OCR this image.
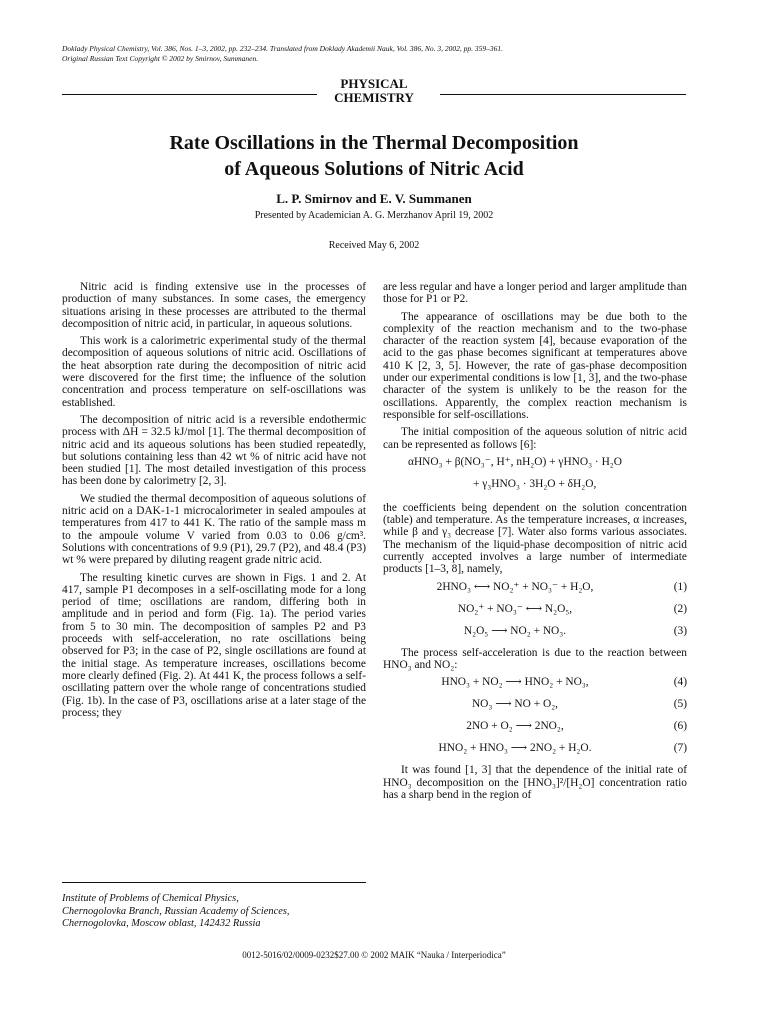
Doklady Physical Chemistry, Vol. 386, Nos. 1–3, 2002, pp. 232–234. Translated from Doklady Akademii Nauk, Vol. 386, No. 3, 2002, pp. 359–361.
Original Russian Text Copyright © 2002 by Smirnov, Summanen.
PHYSICAL
CHEMISTRY
Rate Oscillations in the Thermal Decomposition
of Aqueous Solutions of Nitric Acid
L. P. Smirnov and E. V. Summanen
Presented by Academician A. G. Merzhanov April 19, 2002
Received May 6, 2002

Nitric acid is finding extensive use in the processes of production of many substances. In some cases, the emergency situations arising in these processes are attributed to the thermal decomposition of nitric acid, in particular, in aqueous solutions.

This work is a calorimetric experimental study of the thermal decomposition of aqueous solutions of nitric acid. Oscillations of the heat absorption rate during the decomposition of nitric acid were discovered for the first time; the influence of the solution concentration and process temperature on self-oscillations was established.

The decomposition of nitric acid is a reversible endothermic process with ΔH = 32.5 kJ/mol [1]. The thermal decomposition of nitric acid and its aqueous solutions has been studied repeatedly, but solutions containing less than 42 wt % of nitric acid have not been studied [1]. The most detailed investigation of this process has been done by calorimetry [2, 3].

We studied the thermal decomposition of aqueous solutions of nitric acid on a DAK-1-1 microcalorimeter in sealed ampoules at temperatures from 417 to 441 K. The ratio of the sample mass m to the ampoule volume V varied from 0.03 to 0.06 g/cm³. Solutions with concentrations of 9.9 (P1), 29.7 (P2), and 48.4 (P3) wt % were prepared by diluting reagent grade nitric acid.

The resulting kinetic curves are shown in Figs. 1 and 2. At 417, sample P1 decomposes in a self-oscillating mode for a long period of time; oscillations are random, differing both in amplitude and in period and form (Fig. 1a). The period varies from 5 to 30 min. The decomposition of samples P2 and P3 proceeds with self-acceleration, no rate oscillations being observed for P3; in the case of P2, single oscillations are found at the initial stage. As temperature increases, oscillations become more clearly defined (Fig. 2). At 441 K, the process follows a self-oscillating pattern over the whole range of concentrations studied (Fig. 1b). In the case of P3, oscillations arise at a later stage of the process; they

are less regular and have a longer period and larger amplitude than those for P1 or P2.

The appearance of oscillations may be due both to the complexity of the reaction mechanism and to the two-phase character of the reaction system [4], because evaporation of the acid to the gas phase becomes significant at temperatures above 410 K [2, 3, 5]. However, the rate of gas-phase decomposition under our experimental conditions is low [1, 3], and the two-phase character of the system is unlikely to be the reason for the oscillations. Apparently, the complex reaction mechanism is responsible for self-oscillations.

The initial composition of the aqueous solution of nitric acid can be represented as follows [6]:

αHNO₃ + β(NO₃⁻, H⁺, nH₂O) + γHNO₃ · H₂O
+ γ₃HNO₃ · 3H₂O + δH₂O,

the coefficients being dependent on the solution concentration (table) and temperature. As the temperature increases, α increases, while β and γ₃ decrease [7]. Water also forms various associates. The mechanism of the liquid-phase decomposition of nitric acid currently accepted involves a large number of intermediate products [1–3, 8], namely,

2HNO₃ ⟷ NO₂⁺ + NO₃⁻ + H₂O,	(1)
NO₂⁺ + NO₃⁻ ⟷ N₂O₅,	(2)
N₂O₅ ⟶ NO₂ + NO₃.	(3)

The process self-acceleration is due to the reaction between HNO₃ and NO₂:

HNO₃ + NO₂ ⟶ HNO₂ + NO₃,	(4)
NO₃ ⟶ NO + O₂,	(5)
2NO + O₂ ⟶ 2NO₂,	(6)
HNO₂ + HNO₃ ⟶ 2NO₂ + H₂O.	(7)

It was found [1, 3] that the dependence of the initial rate of HNO₃ decomposition on the [HNO₃]²/[H₂O] concentration ratio has a sharp bend in the region of

Institute of Problems of Chemical Physics,
Chernogolovka Branch, Russian Academy of Sciences,
Chernogolovka, Moscow oblast, 142432 Russia
0012-5016/02/0009-0232$27.00 © 2002 MAIK “Nauka / Interperiodica”
